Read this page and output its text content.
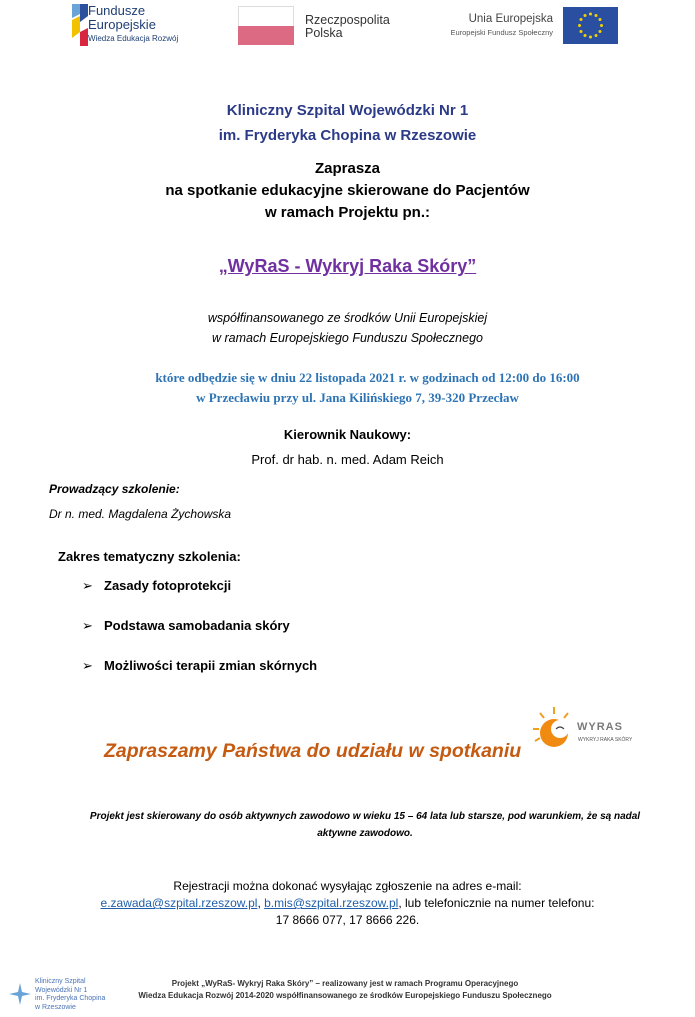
Fundusze
Europejskie
Wiedza Edukacja Rozwój
Rzeczpospolita
Polska
Unia Europejska
Europejski Fundusz Społeczny
Kliniczny Szpital Wojewódzki Nr 1
im. Fryderyka Chopina w Rzeszowie
Zaprasza
na spotkanie edukacyjne skierowane do Pacjentów
w ramach Projektu pn.:
„WyRaS - Wykryj Raka Skóry”
współfinansowanego ze środków Unii Europejskiej
w ramach Europejskiego Funduszu Społecznego
które odbędzie się w dniu 22 listopada 2021 r. w godzinach od 12:00 do 16:00
w Przecławiu przy ul. Jana Kilińskiego 7, 39-320 Przecław
Kierownik Naukowy:
Prof. dr hab. n. med. Adam Reich
Prowadzący szkolenie:
Dr n. med. Magdalena Żychowska
Zakres tematyczny szkolenia:
➢ Zasady fotoprotekcji
➢ Podstawa samobadania skóry
➢ Możliwości terapii zmian skórnych
WYRAS
WYKRYJ RAKA SKÓRY
Zapraszamy Państwa do udziału w spotkaniu
Projekt jest skierowany do osób aktywnych zawodowo w wieku 15 – 64 lata lub starsze, pod warunkiem, że są nadal
aktywne zawodowo.
Rejestracji można dokonać wysyłając zgłoszenie na adres e-mail:
e.zawada@szpital.rzeszow.pl, b.mis@szpital.rzeszow.pl, lub telefonicznie na numer telefonu:
17 8666 077, 17 8666 226.
Kliniczny Szpital
Wojewódzki Nr 1
im. Fryderyka Chopina
w Rzeszowie
Projekt „WyRaS- Wykryj Raka Skóry” – realizowany jest w ramach Programu Operacyjnego
Wiedza Edukacja Rozwój 2014-2020 współfinansowanego ze środków Europejskiego Funduszu Społecznego
